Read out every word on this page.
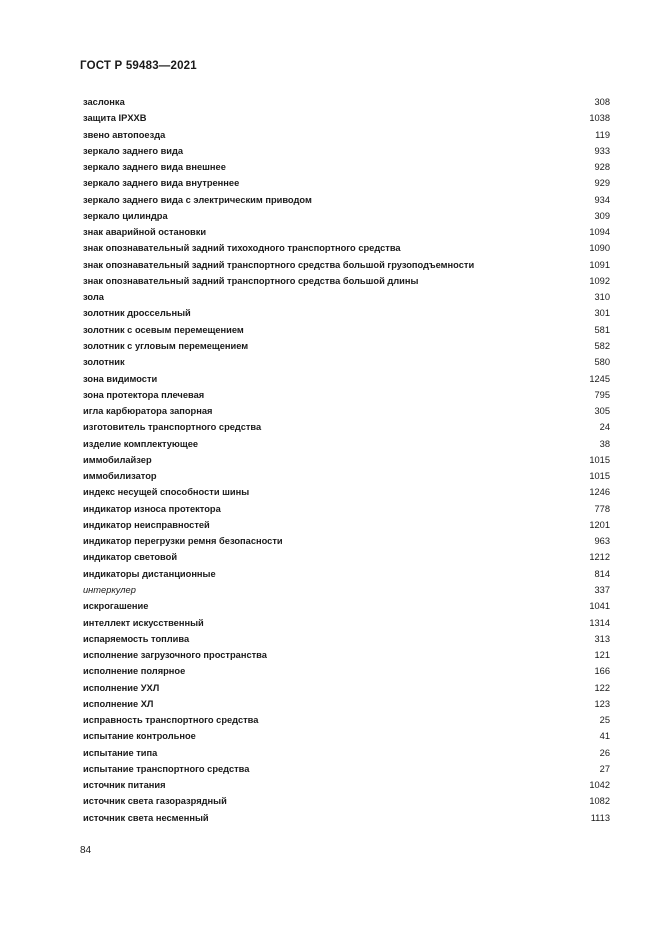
ГОСТ Р 59483—2021
заслонка	308
защита IPXXB	1038
звено автопоезда	119
зеркало заднего вида	933
зеркало заднего вида внешнее	928
зеркало заднего вида внутреннее	929
зеркало заднего вида с электрическим приводом	934
зеркало цилиндра	309
знак аварийной остановки	1094
знак опознавательный задний тихоходного транспортного средства	1090
знак опознавательный задний транспортного средства большой грузоподъемности	1091
знак опознавательный задний транспортного средства большой длины	1092
зола	310
золотник дроссельный	301
золотник с осевым перемещением	581
золотник с угловым перемещением	582
золотник	580
зона видимости	1245
зона протектора плечевая	795
игла карбюратора запорная	305
изготовитель транспортного средства	24
изделие комплектующее	38
иммобилайзер	1015
иммобилизатор	1015
индекс несущей способности шины	1246
индикатор износа протектора	778
индикатор неисправностей	1201
индикатор перегрузки ремня безопасности	963
индикатор световой	1212
индикаторы дистанционные	814
интеркулер	337
искрогашение	1041
интеллект искусственный	1314
испаряемость топлива	313
исполнение загрузочного пространства	121
исполнение полярное	166
исполнение УХЛ	122
исполнение ХЛ	123
исправность транспортного средства	25
испытание контрольное	41
испытание типа	26
испытание транспортного средства	27
источник питания	1042
источник света газоразрядный	1082
источник света несменный	1113
84
